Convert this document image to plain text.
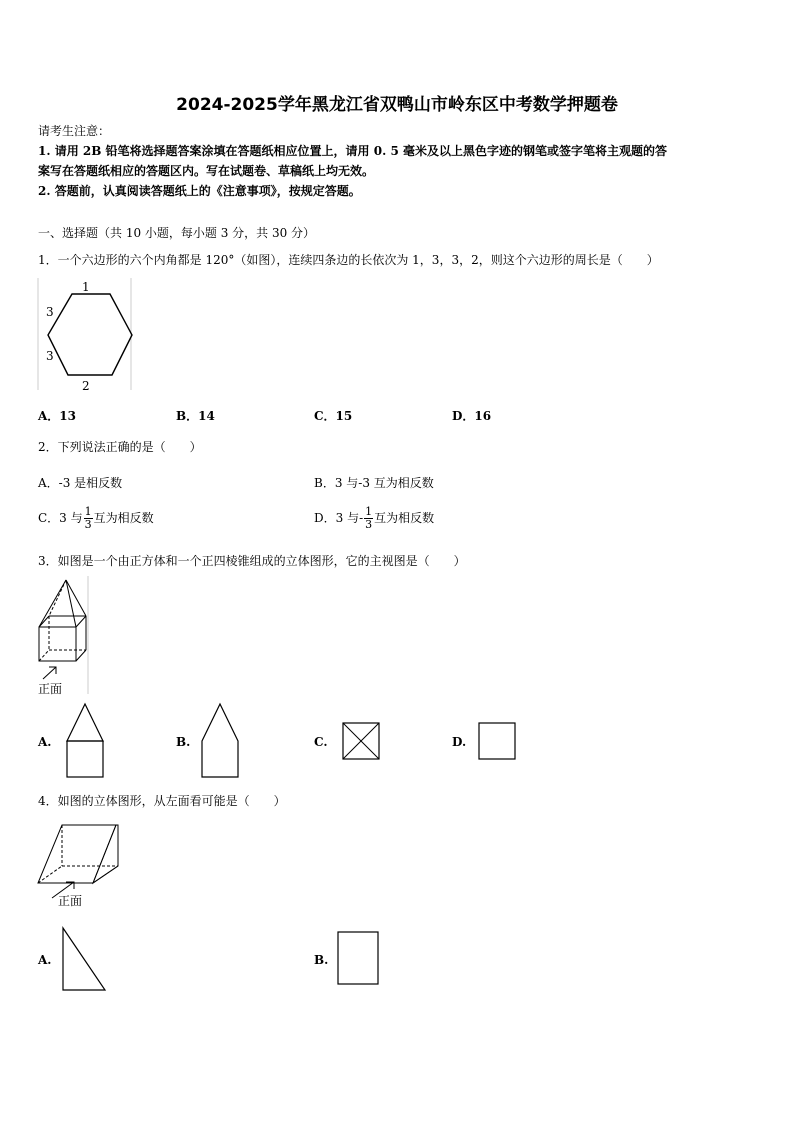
2024-2025学年黑龙江省双鸭山市岭东区中考数学押题卷
请考生注意：
1. 请用 2B 铅笔将选择题答案涂填在答题纸相应位置上，请用 0. 5 毫米及以上黑色字迹的钢笔或签字笔将主观题的答
案写在答题纸相应的答题区内。写在试题卷、草稿纸上均无效。
2. 答题前，认真阅读答题纸上的《注意事项》，按规定答题。
一、选择题（共 10 小题，每小题 3 分，共 30 分）
1．一个六边形的六个内角都是 120°（如图），连续四条边的长依次为 1，3，3，2，则这个六边形的周长是（　　）
1
3
3
2
A．13	B．14	C．15	D．16
2．下列说法正确的是（　　）
A．-3 是相反数	B．3 与-3 互为相反数
C．3 与 $\frac{1}{3}$ 互为相反数	D．3 与- $\frac{1}{3}$ 互为相反数
3．如图是一个由正方体和一个正四棱锥组成的立体图形，它的主视图是（　　）
正面
A.	B.	C.	D.
4．如图的立体图形，从左面看可能是（　　）
正面
A.	B.
